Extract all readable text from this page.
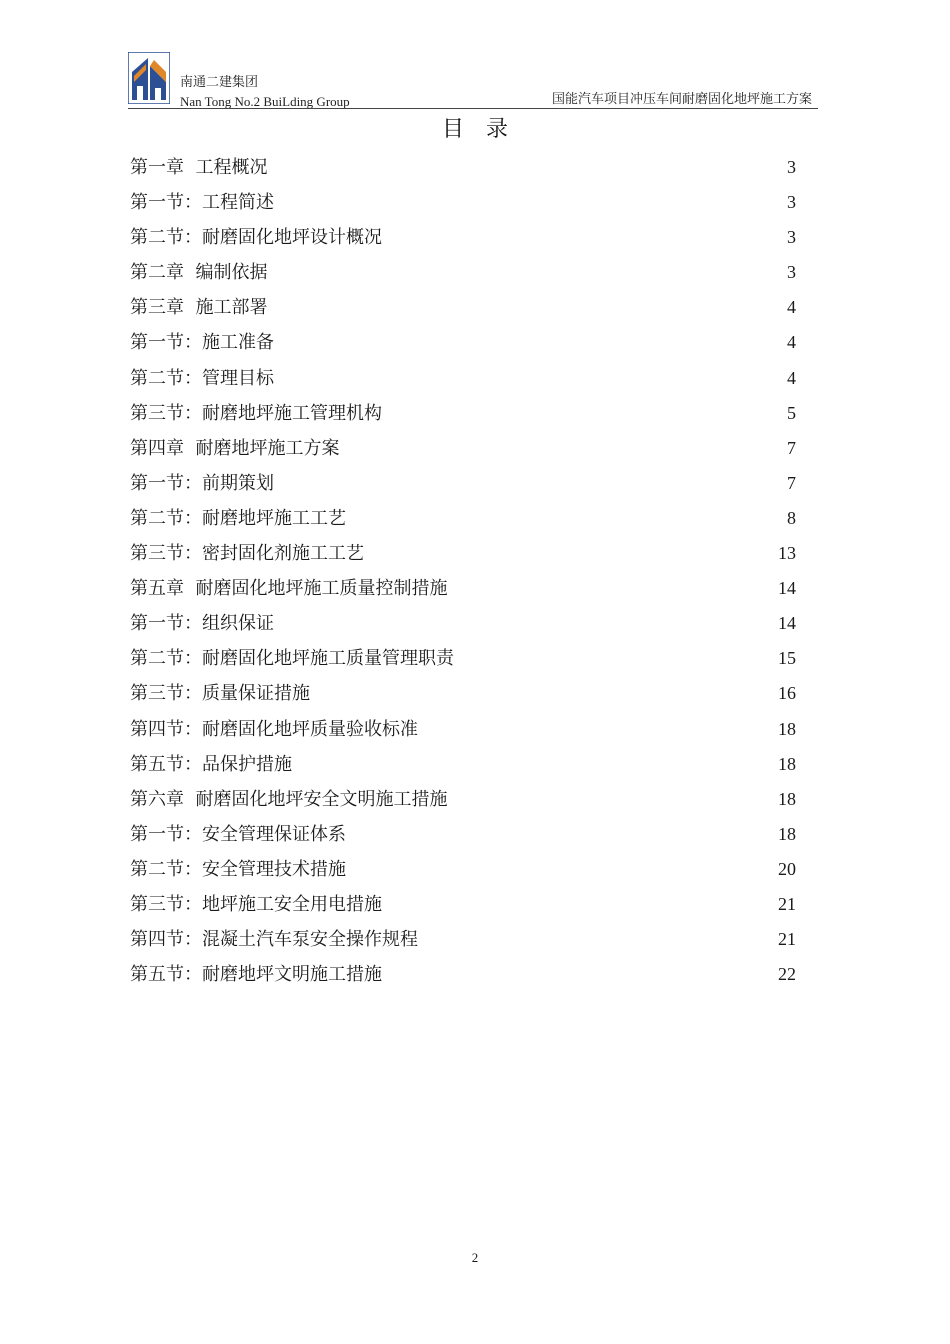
南通二建集团
Nan Tong No.2 BuiLding Group	国能汽车项目冲压车间耐磨固化地坪施工方案
目录
第一章  工程概况	3
第一节：工程简述	3
第二节：耐磨固化地坪设计概况	3
第二章  编制依据	3
第三章  施工部署	4
第一节：施工准备	4
第二节：管理目标	4
第三节：耐磨地坪施工管理机构	5
第四章  耐磨地坪施工方案	7
第一节：前期策划	7
第二节：耐磨地坪施工工艺	8
第三节：密封固化剂施工工艺	13
第五章  耐磨固化地坪施工质量控制措施	14
第一节：组织保证	14
第二节：耐磨固化地坪施工质量管理职责	15
第三节：质量保证措施	16
第四节：耐磨固化地坪质量验收标准	18
第五节：品保护措施	18
第六章  耐磨固化地坪安全文明施工措施	18
第一节：安全管理保证体系	18
第二节：安全管理技术措施	20
第三节：地坪施工安全用电措施	21
第四节：混凝土汽车泵安全操作规程	21
第五节：耐磨地坪文明施工措施	22
2
